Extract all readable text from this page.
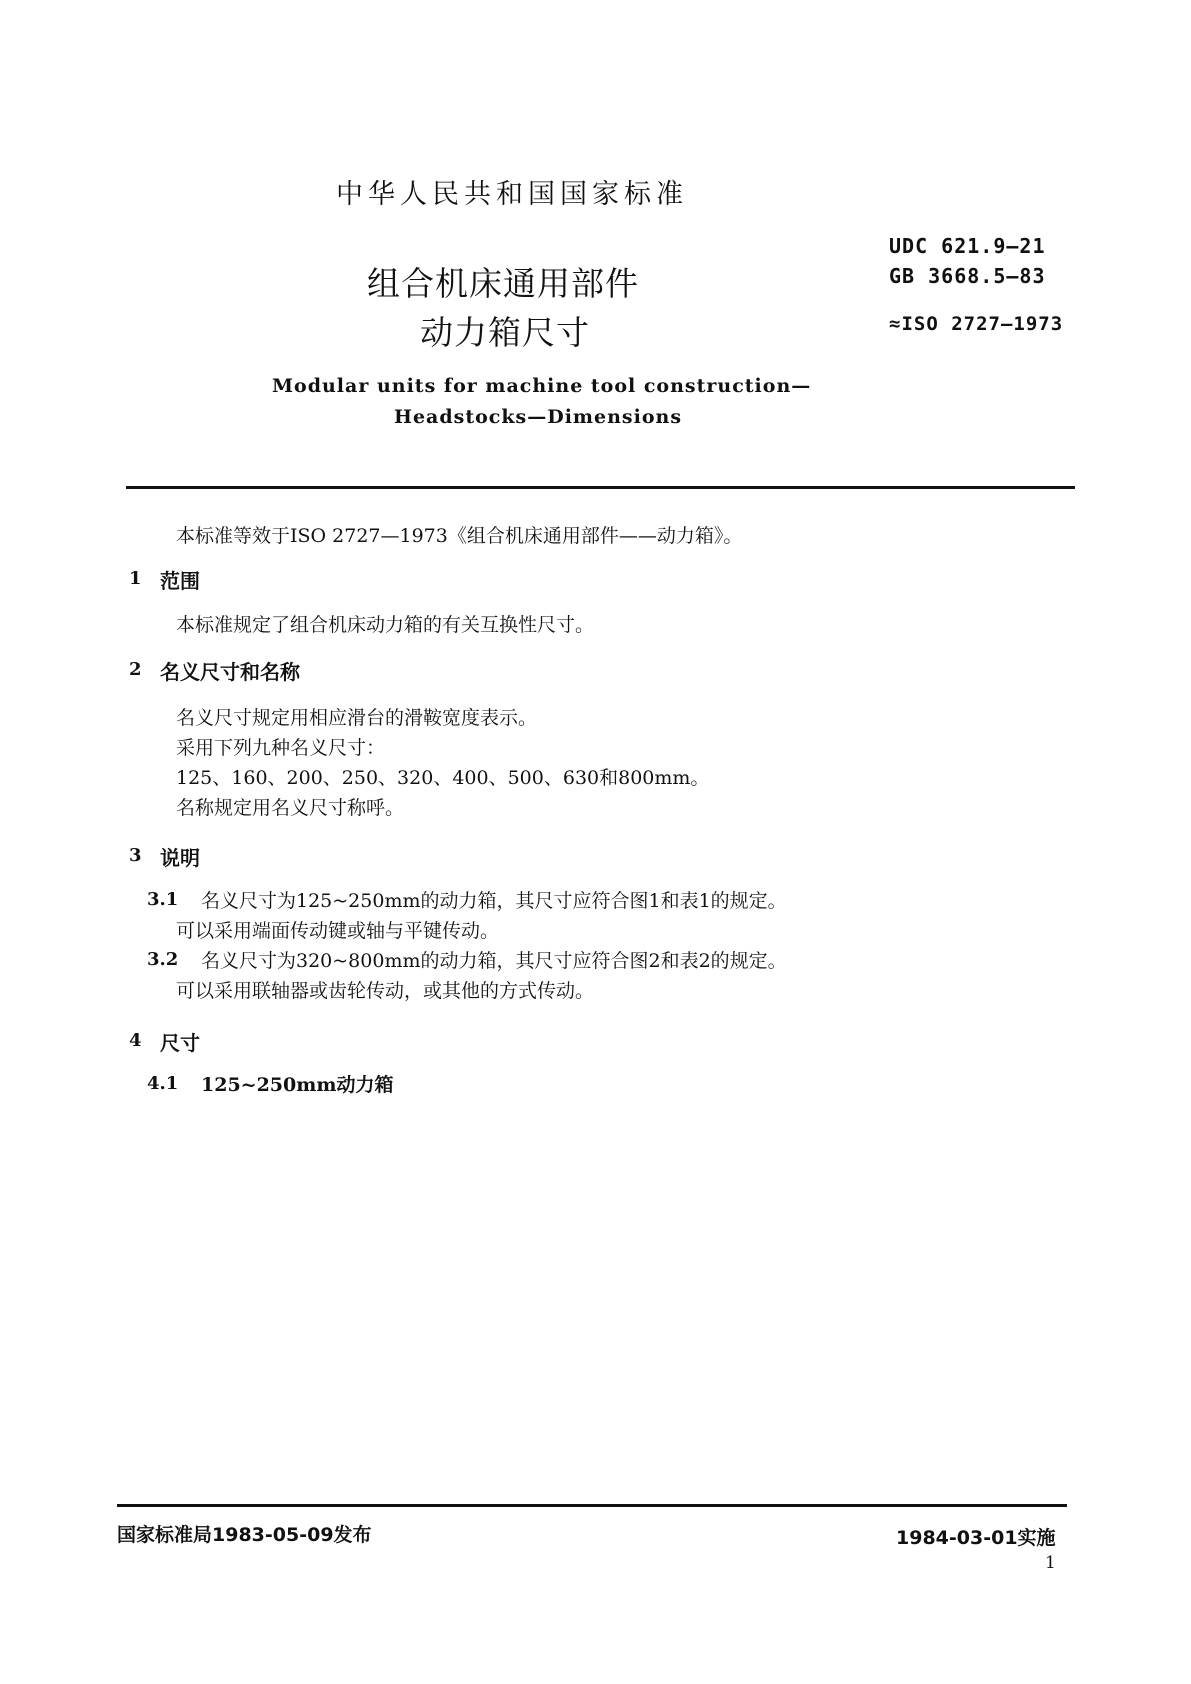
中华人民共和国国家标准
UDC 621.9—21
GB 3668.5—83
≈ISO 2727—1973
组合机床通用部件
动力箱尺寸
Modular units for machine tool construction—
Headstocks—Dimensions
本标准等效于ISO 2727—1973《组合机床通用部件——动力箱》。
1 范围
本标准规定了组合机床动力箱的有关互换性尺寸。
2 名义尺寸和名称
名义尺寸规定用相应滑台的滑鞍宽度表示。
采用下列九种名义尺寸：
125、160、200、250、320、400、500、630和800mm。
名称规定用名义尺寸称呼。
3 说明
3.1 名义尺寸为125~250mm的动力箱，其尺寸应符合图1和表1的规定。
可以采用端面传动键或轴与平键传动。
3.2 名义尺寸为320~800mm的动力箱，其尺寸应符合图2和表2的规定。
可以采用联轴器或齿轮传动，或其他的方式传动。
4 尺寸
4.1 125~250mm动力箱
国家标准局1983-05-09发布	1984-03-01实施
1
